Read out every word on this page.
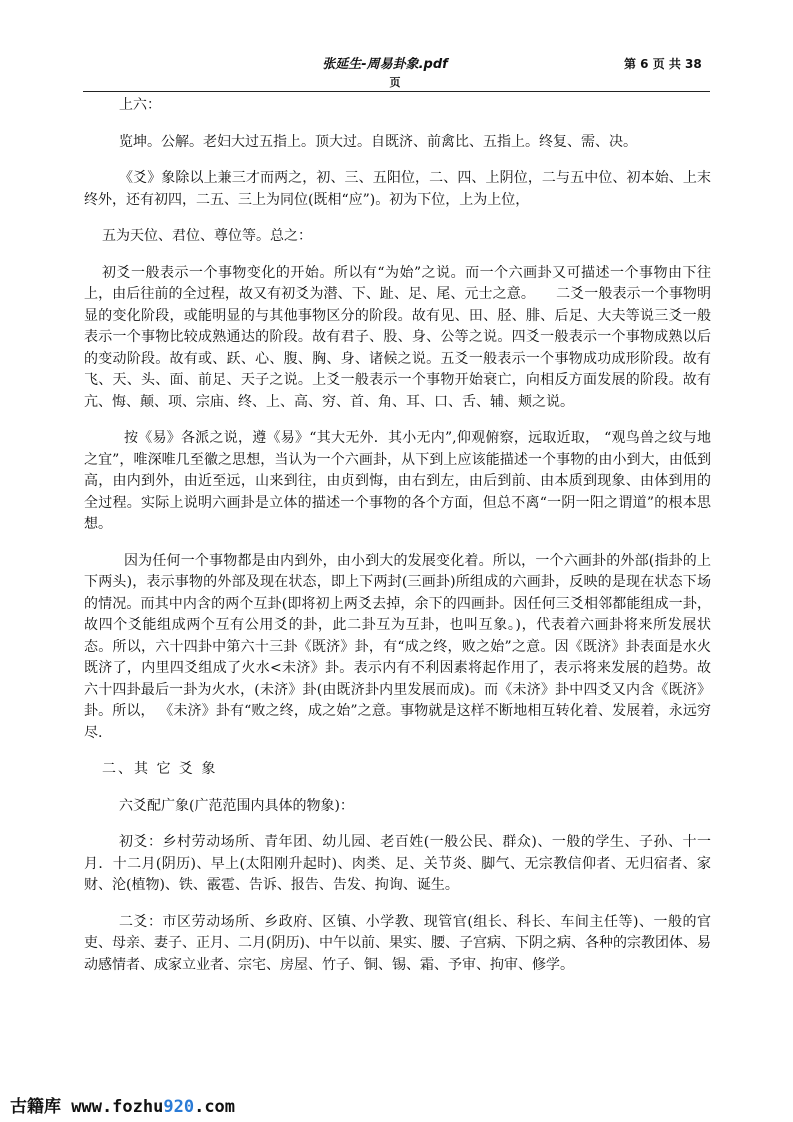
张延生-周易卦象.pdf	第 6 页 共 38
页

上六：

览坤。公解。老妇大过五指上。顶大过。自既济、前禽比、五指上。终复、需、决。

《爻》象除以上兼三才而两之，初、三、五阳位，二、四、上阴位，二与五中位、初本始、上末终外，还有初四，二五、三上为同位(既相“应”)。初为下位，上为上位，

五为天位、君位、尊位等。总之：

初爻一般表示一个事物变化的开始。所以有“为始”之说。而一个六画卦又可描述一个事物由下往上，由后往前的全过程，故又有初爻为潜、下、趾、足、尾、元士之意。　　二爻一般表示一个事物明显的变化阶段，或能明显的与其他事物区分的阶段。故有见、田、胫、腓、后足、大夫等说三爻一般表示一个事物比较成熟通达的阶段。故有君子、股、身、公等之说。四爻一般表示一个事物成熟以后的变动阶段。故有或、跃、心、腹、胸、身、诸候之说。五爻一般表示一个事物成功成形阶段。故有飞、天、头、面、前足、天子之说。上爻一般表示一个事物开始衰亡，向相反方面发展的阶段。故有亢、悔、颠、项、宗庙、终、上、高、穷、首、角、耳、口、舌、辅、颊之说。

按《易》各派之说，遵《易》“其大无外．其小无内”,仰观俯察，远取近取， “观鸟兽之纹与地之宜”，唯深唯几至徽之思想，当认为一个六画卦，从下到上应该能描述一个事物的由小到大，由低到高，由内到外，由近至远，山来到往，由贞到悔，由右到左，由后到前、由本质到现象、由体到用的全过程。实际上说明六画卦是立体的描述一个事物的各个方面，但总不离“一阴一阳之谓道”的根本思想。

因为任何一个事物都是由内到外，由小到大的发展变化着。所以，一个六画卦的外部(指卦的上下两头)，表示事物的外部及现在状态，即上下两封(三画卦)所组成的六画卦，反映的是现在状态下场的情况。而其中内含的两个互卦(即将初上两爻去掉，余下的四画卦。因任何三爻相邻都能组成一卦，故四个爻能组成两个互有公用爻的卦，此二卦互为互卦，也叫互象。)，代表着六画卦将来所发展状态。所以，六十四卦中第六十三卦《既济》卦，有“成之终，败之始”之意。因《既济》卦表面是水火既济了，内里四爻组成了火水<未济》卦。表示内有不利因素将起作用了，表示将来发展的趋势。故六十四卦最后一卦为火水，(未济》卦(由既济卦内里发展而成)。而《未济》卦中四爻又内含《既济》卦。所以， 《未济》卦有“败之终，成之始”之意。事物就是这样不断地相互转化着、发展着，永远穷尽.

二、其 它 爻 象

六爻配广象(广范范围内具体的物象)：

初爻：乡村劳动场所、青年团、幼儿园、老百姓(一般公民、群众)、一般的学生、子孙、十一月．十二月(阴历)、早上(太阳刚升起时)、肉类、足、关节炎、脚气、无宗教信仰者、无归宿者、家财、沦(植物)、铁、霰雹、告诉、报告、告发、拘询、诞生。

二爻：市区劳动场所、乡政府、区镇、小学教、现管官(组长、科长、车间主任等)、一般的官吏、母亲、妻子、正月、二月(阴历)、中午以前、果实、腰、子宫病、下阴之病、各种的宗教团体、易动感情者、成家立业者、宗宅、房屋、竹子、铜、锡、霜、予审、拘审、修学。

古籍库 www.fozhu920.com
